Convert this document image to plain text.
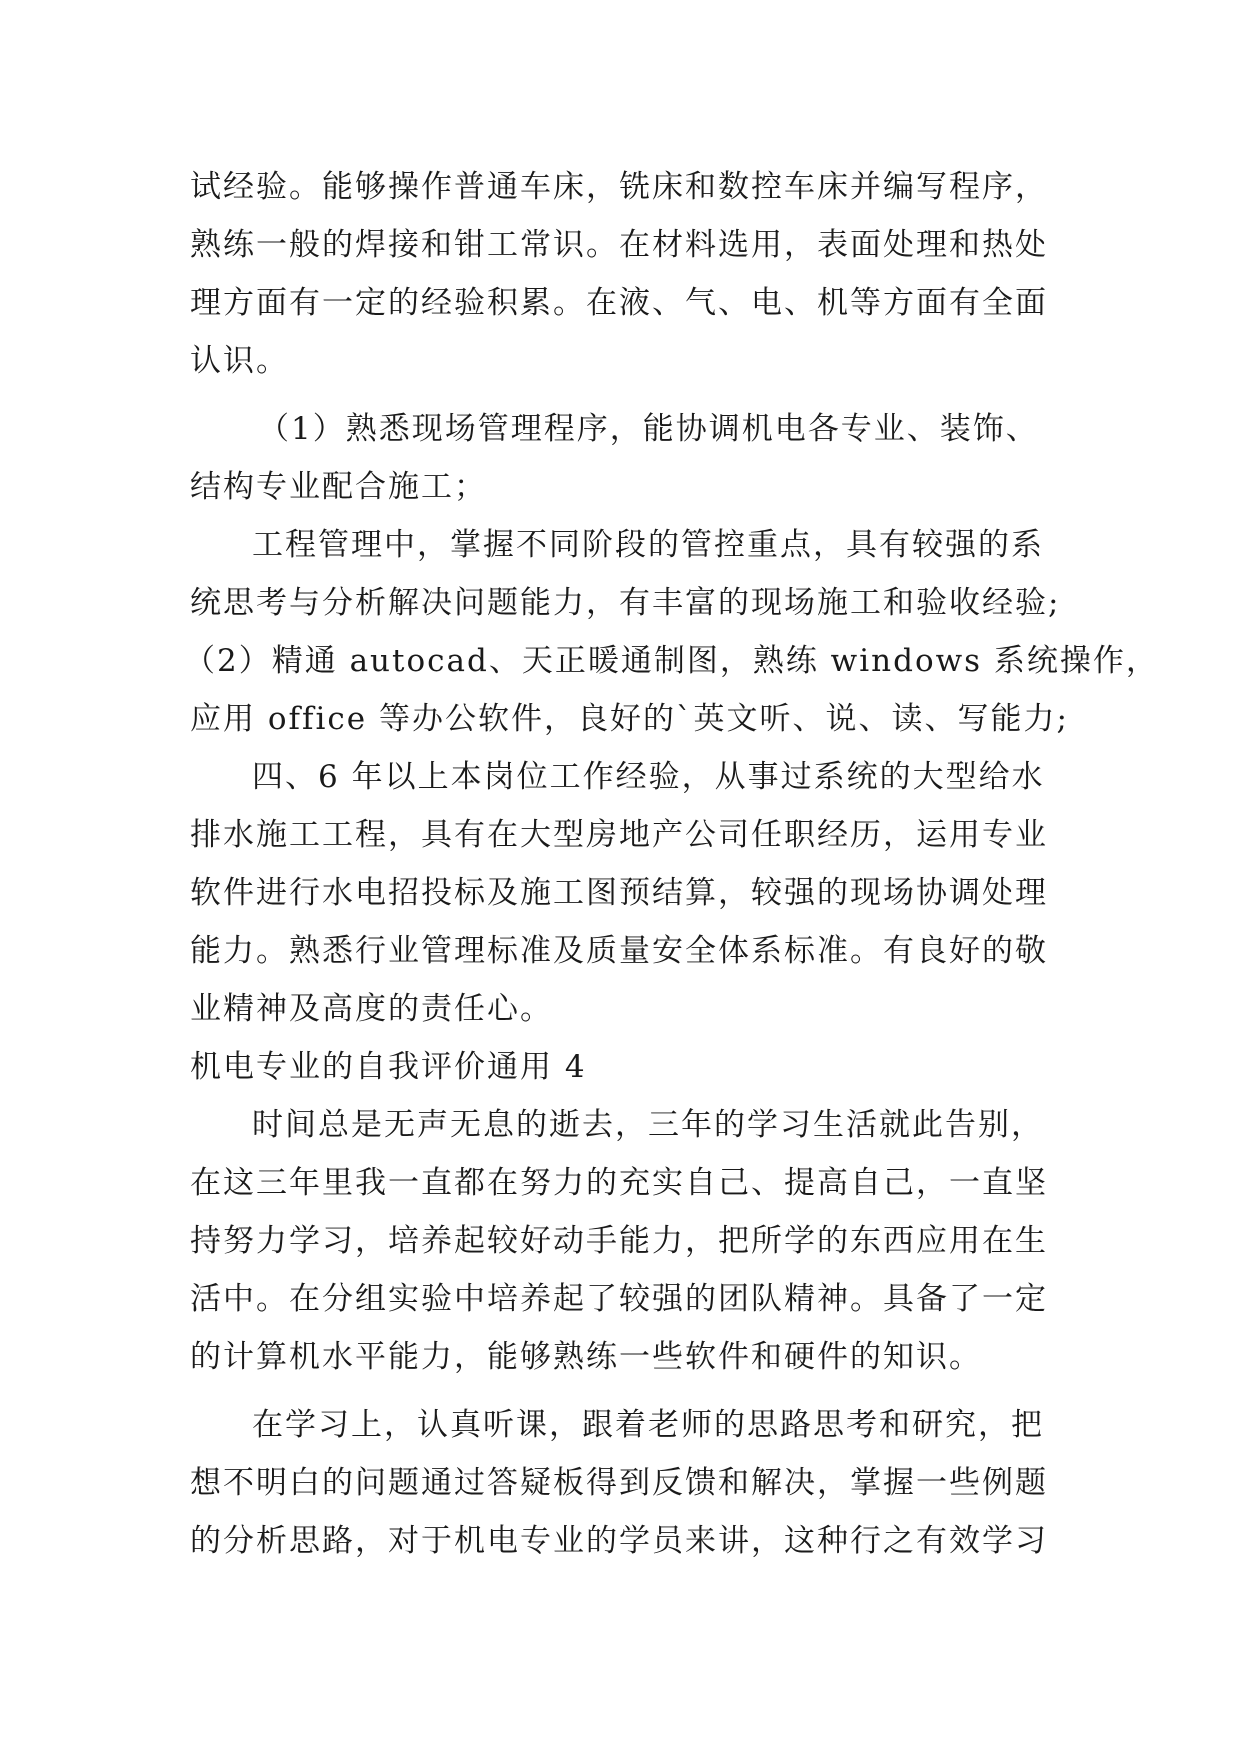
试经验。能够操作普通车床，铣床和数控车床并编写程序，
熟练一般的焊接和钳工常识。在材料选用，表面处理和热处
理方面有一定的经验积累。在液、气、电、机等方面有全面
认识。
（1）熟悉现场管理程序，能协调机电各专业、装饰、
结构专业配合施工；
工程管理中，掌握不同阶段的管控重点，具有较强的系
统思考与分析解决问题能力，有丰富的现场施工和验收经验;
（2）精通 autocad、天正暖通制图，熟练 windows 系统操作，
应用 office 等办公软件，良好的`英文听、说、读、写能力;
四、6 年以上本岗位工作经验，从事过系统的大型给水
排水施工工程，具有在大型房地产公司任职经历，运用专业
软件进行水电招投标及施工图预结算，较强的现场协调处理
能力。熟悉行业管理标准及质量安全体系标准。有良好的敬
业精神及高度的责任心。
机电专业的自我评价通用 4
时间总是无声无息的逝去，三年的学习生活就此告别，
在这三年里我一直都在努力的充实自己、提高自己，一直坚
持努力学习，培养起较好动手能力，把所学的东西应用在生
活中。在分组实验中培养起了较强的团队精神。具备了一定
的计算机水平能力，能够熟练一些软件和硬件的知识。
在学习上，认真听课，跟着老师的思路思考和研究，把
想不明白的问题通过答疑板得到反馈和解决，掌握一些例题
的分析思路，对于机电专业的学员来讲，这种行之有效学习
